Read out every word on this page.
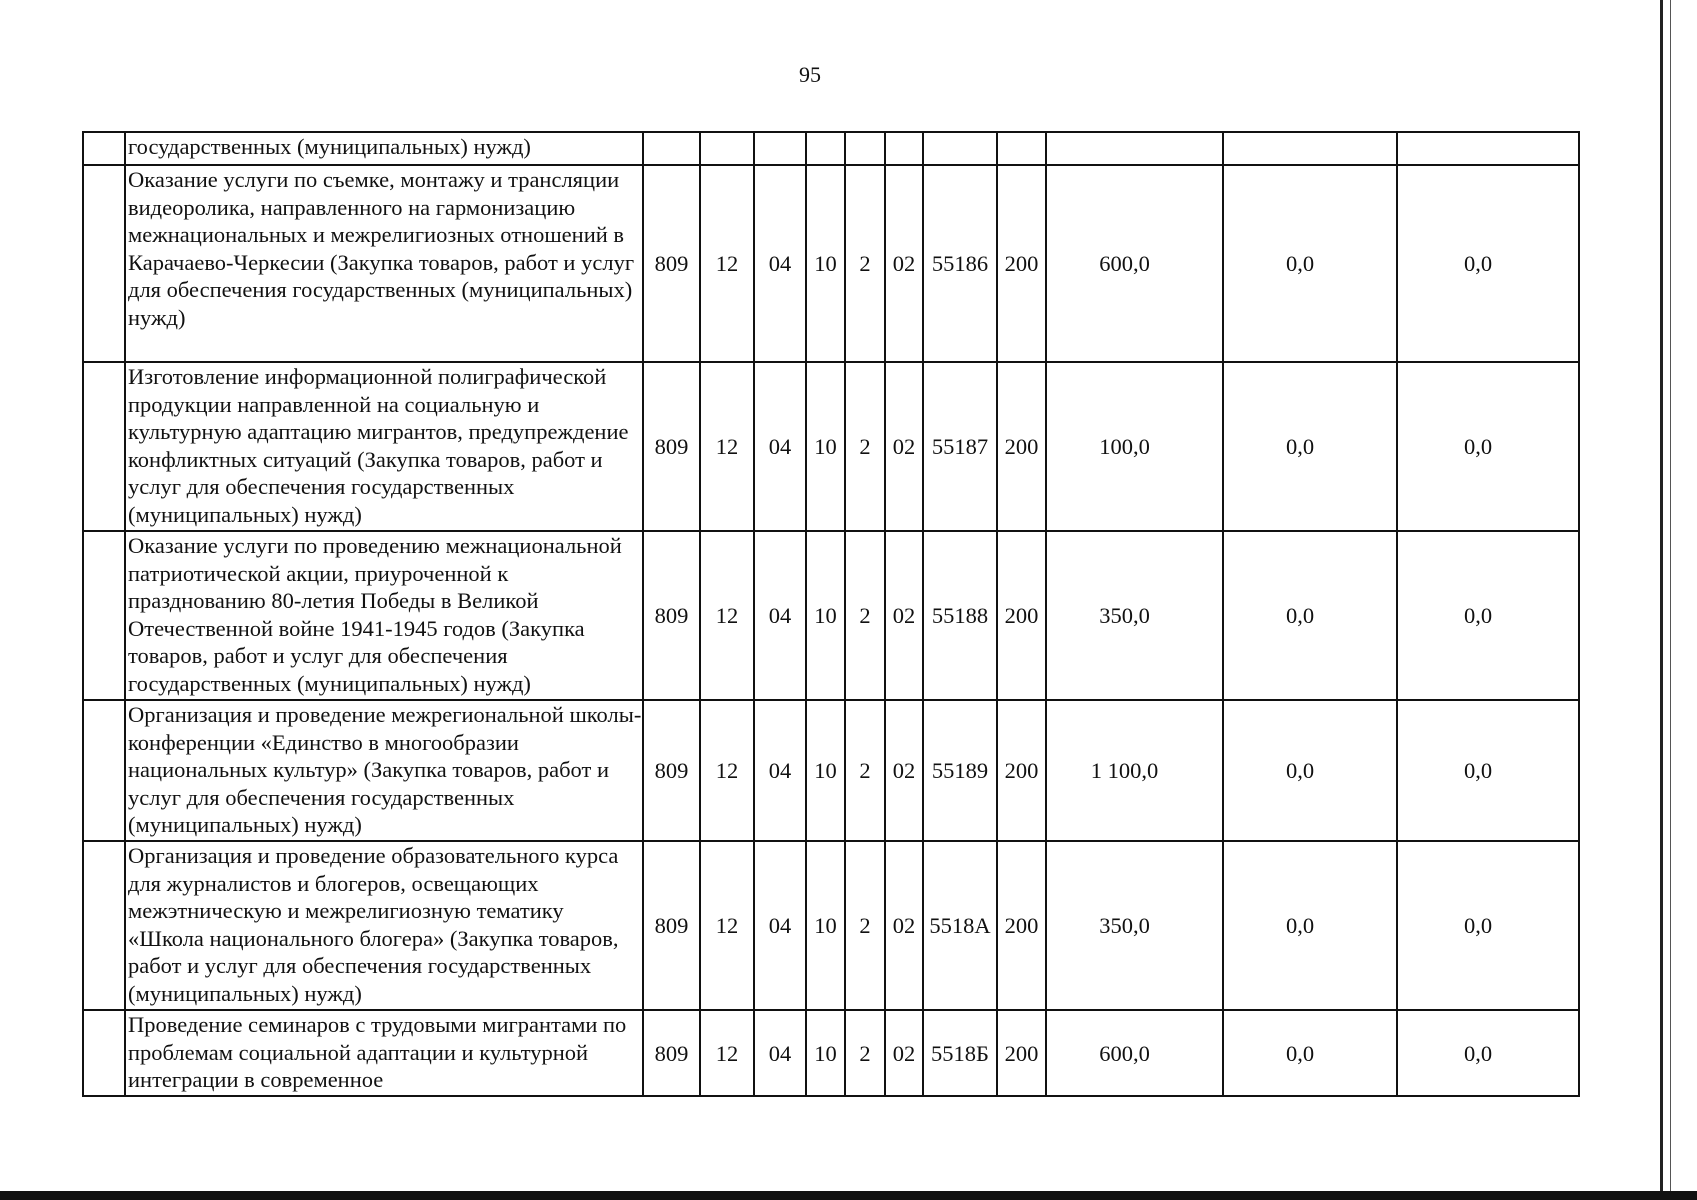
95
	государственных (муниципальных) нужд)											
	Оказание услуги по съемке, монтажу и трансляции видеоролика, направленного на гармонизацию межнациональных и межрелигиозных отношений в Карачаево-Черкесии (Закупка товаров, работ и услуг для обеспечения государственных (муниципальных) нужд)	809	12	04	10	2	02	55186	200	600,0	0,0	0,0
	Изготовление информационной полиграфической продукции направленной на социальную и культурную адаптацию мигрантов, предупреждение конфликтных ситуаций (Закупка товаров, работ и услуг для обеспечения государственных (муниципальных) нужд)	809	12	04	10	2	02	55187	200	100,0	0,0	0,0
	Оказание услуги по проведению межнациональной патриотической акции, приуроченной к празднованию 80-летия Победы в Великой Отечественной войне 1941-1945 годов (Закупка товаров, работ и услуг для обеспечения государственных (муниципальных) нужд)	809	12	04	10	2	02	55188	200	350,0	0,0	0,0
	Организация и проведение межрегиональной школы-конференции «Единство в многообразии национальных культур» (Закупка товаров, работ и услуг для обеспечения государственных (муниципальных) нужд)	809	12	04	10	2	02	55189	200	1 100,0	0,0	0,0
	Организация и проведение образовательного курса для журналистов и блогеров, освещающих межэтническую и межрелигиозную тематику «Школа национального блогера» (Закупка товаров, работ и услуг для обеспечения государственных (муниципальных) нужд)	809	12	04	10	2	02	5518А	200	350,0	0,0	0,0
	Проведение семинаров с трудовыми мигрантами по проблемам социальной адаптации и культурной интеграции в современное	809	12	04	10	2	02	5518Б	200	600,0	0,0	0,0
